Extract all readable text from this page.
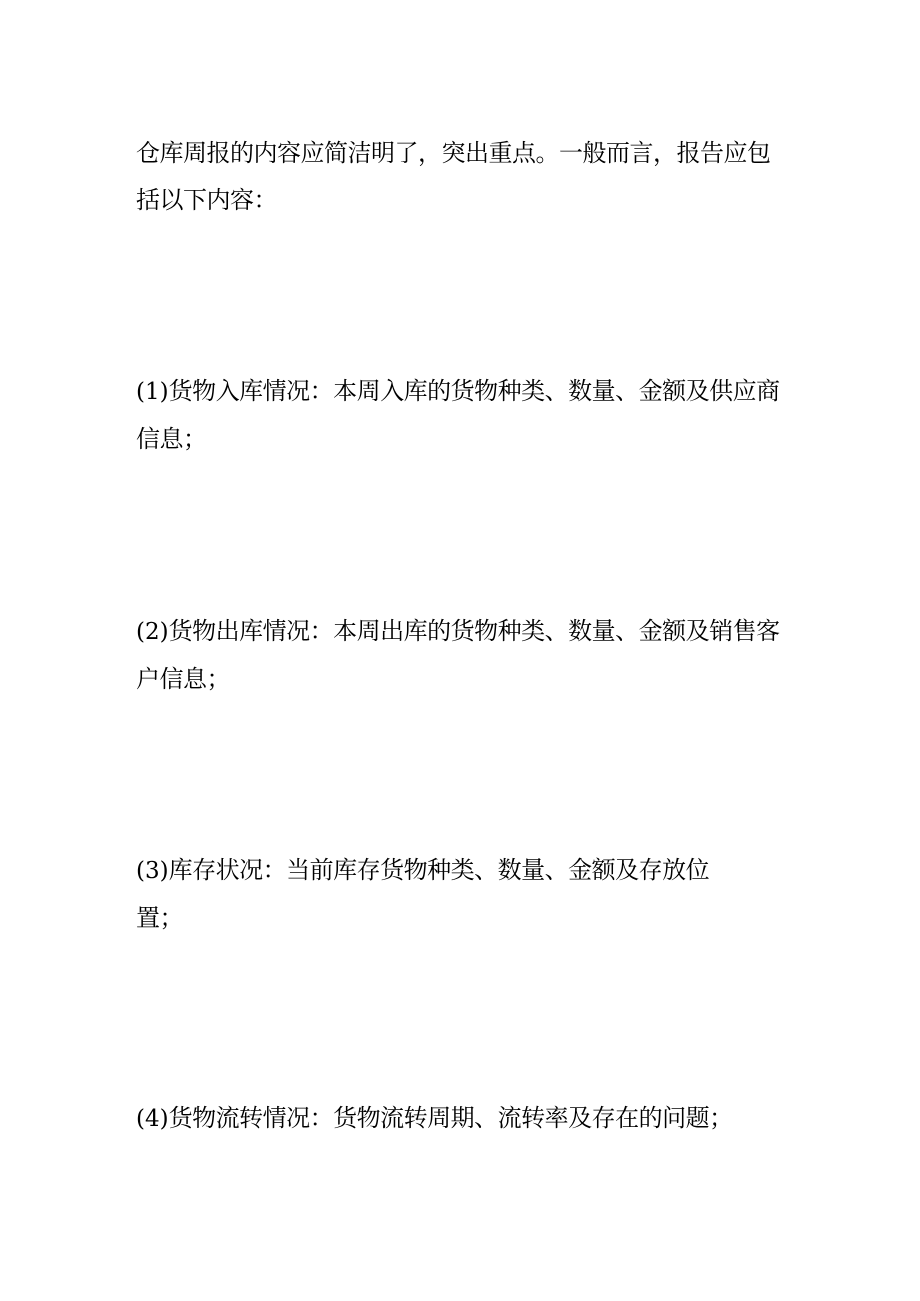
仓库周报的内容应简洁明了，突出重点。一般而言，报告应包
括以下内容：

(1)货物入库情况：本周入库的货物种类、数量、金额及供应商
信息；

(2)货物出库情况：本周出库的货物种类、数量、金额及销售客
户信息；

(3)库存状况：当前库存货物种类、数量、金额及存放位
置；

(4)货物流转情况：货物流转周期、流转率及存在的问题；
